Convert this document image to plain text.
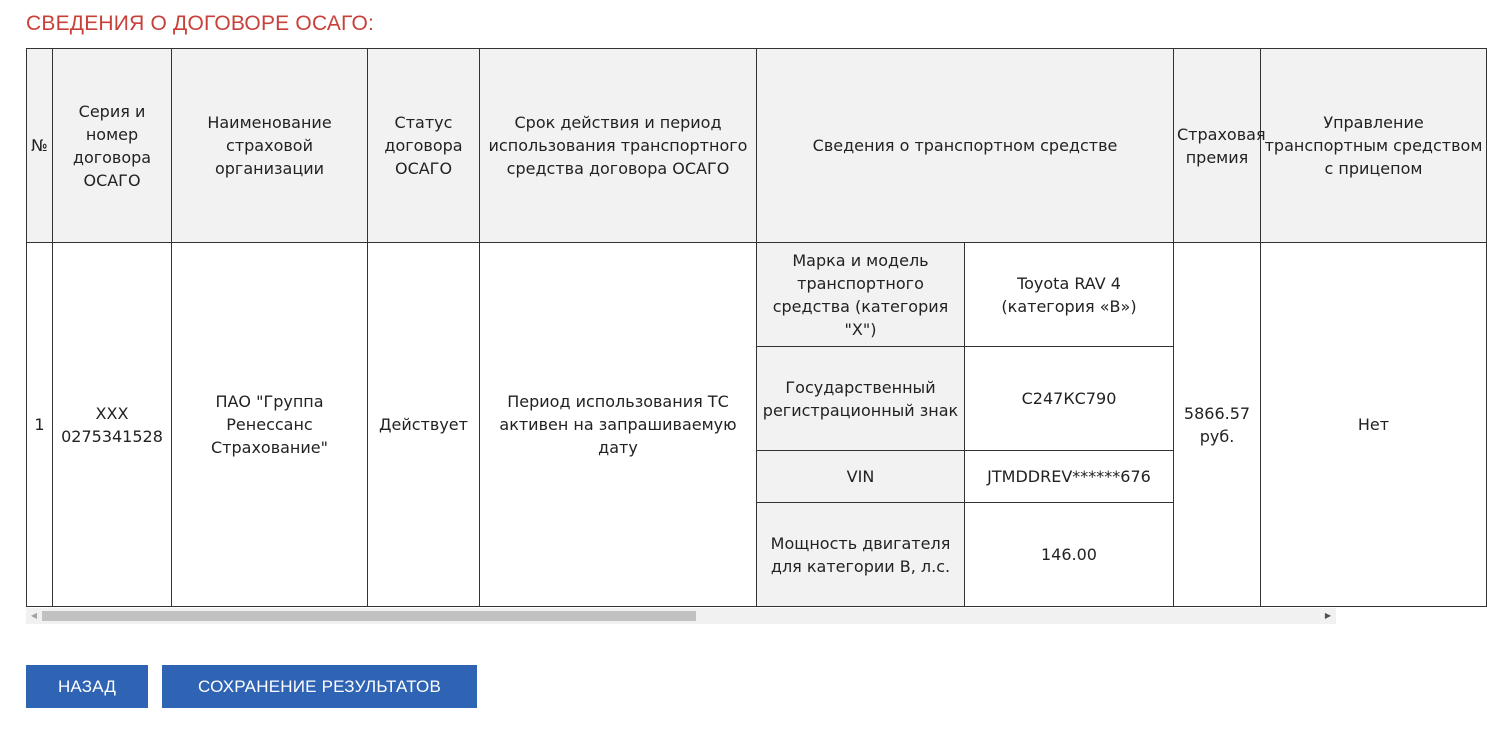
СВЕДЕНИЯ О ДОГОВОРЕ ОСАГО:
№	Серия и номер договора ОСАГО	Наименование страховой организации	Статус договора ОСАГО	Срок действия и период использования транспортного средства договора ОСАГО	Сведения о транспортном средстве		Страховая премия	Управление транспортным средством с прицепом
1	XXX 0275341528	ПАО "Группа Ренессанс Страхование"	Действует	Период использования ТС активен на запрашиваемую дату	Марка и модель транспортного средства (категория "Х")	Toyota RAV 4 (категория «В»)	5866.57 руб.	Нет
					Государственный регистрационный знак	С247КС790		
					VIN	JTMDDREV******676		
					Мощность двигателя для категории В, л.с.	146.00		
◀	▶
НАЗАД	СОХРАНЕНИЕ РЕЗУЛЬТАТОВ
